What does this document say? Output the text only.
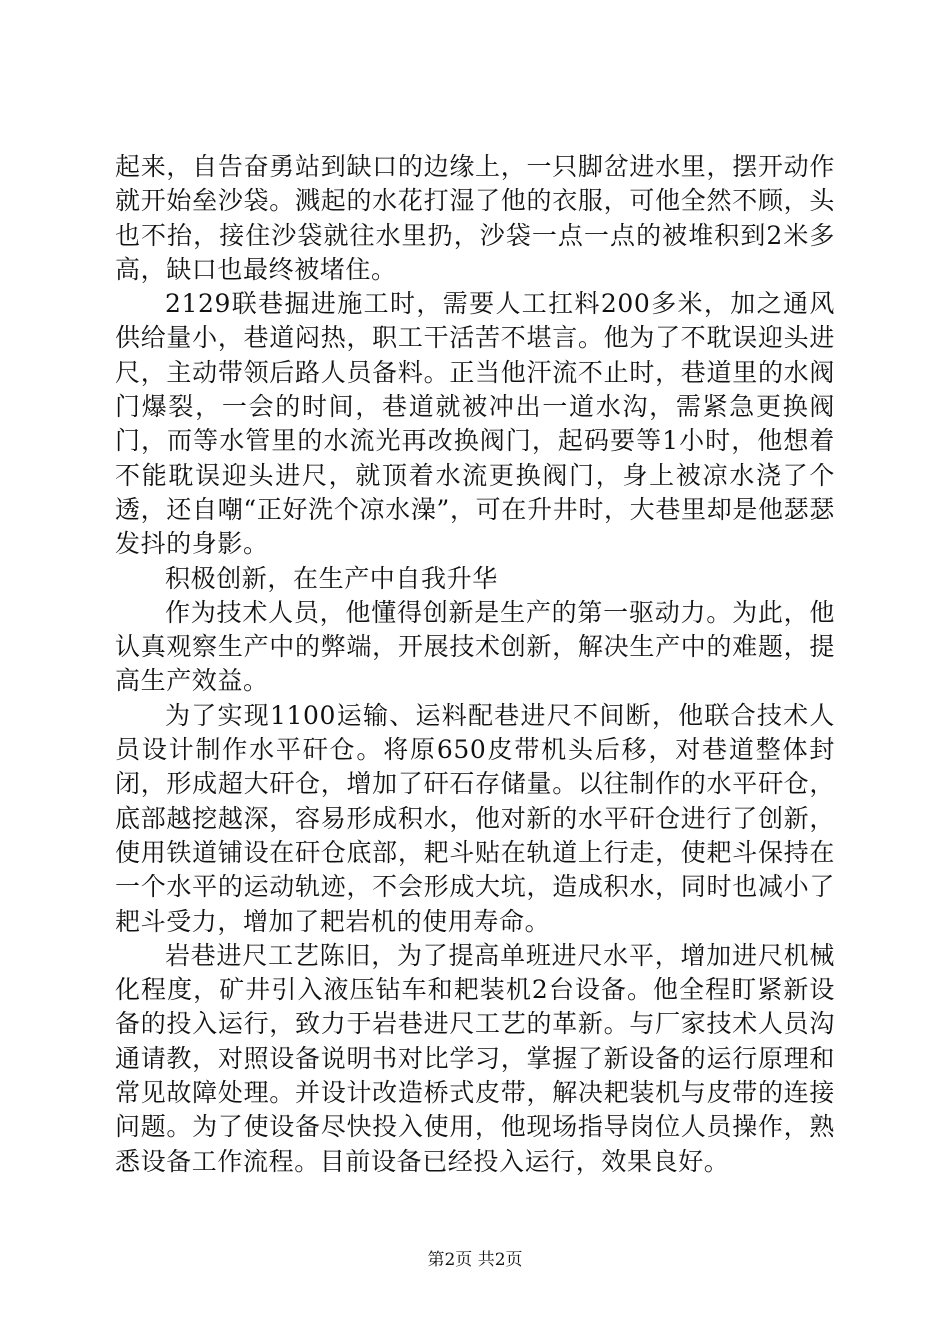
起来，自告奋勇站到缺口的边缘上，一只脚岔进水里，摆开动作就开始垒沙袋。溅起的水花打湿了他的衣服，可他全然不顾，头也不抬，接住沙袋就往水里扔，沙袋一点一点的被堆积到2米多高，缺口也最终被堵住。

2129联巷掘进施工时，需要人工扛料200多米，加之通风供给量小，巷道闷热，职工干活苦不堪言。他为了不耽误迎头进尺，主动带领后路人员备料。正当他汗流不止时，巷道里的水阀门爆裂，一会的时间，巷道就被冲出一道水沟，需紧急更换阀门，而等水管里的水流光再改换阀门，起码要等1小时，他想着不能耽误迎头进尺，就顶着水流更换阀门，身上被凉水浇了个透，还自嘲“正好洗个凉水澡”，可在升井时，大巷里却是他瑟瑟发抖的身影。

积极创新，在生产中自我升华

作为技术人员，他懂得创新是生产的第一驱动力。为此，他认真观察生产中的弊端，开展技术创新，解决生产中的难题，提高生产效益。

为了实现1100运输、运料配巷进尺不间断，他联合技术人员设计制作水平矸仓。将原650皮带机头后移，对巷道整体封闭，形成超大矸仓，增加了矸石存储量。以往制作的水平矸仓，底部越挖越深，容易形成积水，他对新的水平矸仓进行了创新，使用铁道铺设在矸仓底部，耙斗贴在轨道上行走，使耙斗保持在一个水平的运动轨迹，不会形成大坑，造成积水，同时也减小了耙斗受力，增加了耙岩机的使用寿命。

岩巷进尺工艺陈旧，为了提高单班进尺水平，增加进尺机械化程度，矿井引入液压钻车和耙装机2台设备。他全程盯紧新设备的投入运行，致力于岩巷进尺工艺的革新。与厂家技术人员沟通请教，对照设备说明书对比学习，掌握了新设备的运行原理和常见故障处理。并设计改造桥式皮带，解决耙装机与皮带的连接问题。为了使设备尽快投入使用，他现场指导岗位人员操作，熟悉设备工作流程。目前设备已经投入运行，效果良好。

第2页 共2页
